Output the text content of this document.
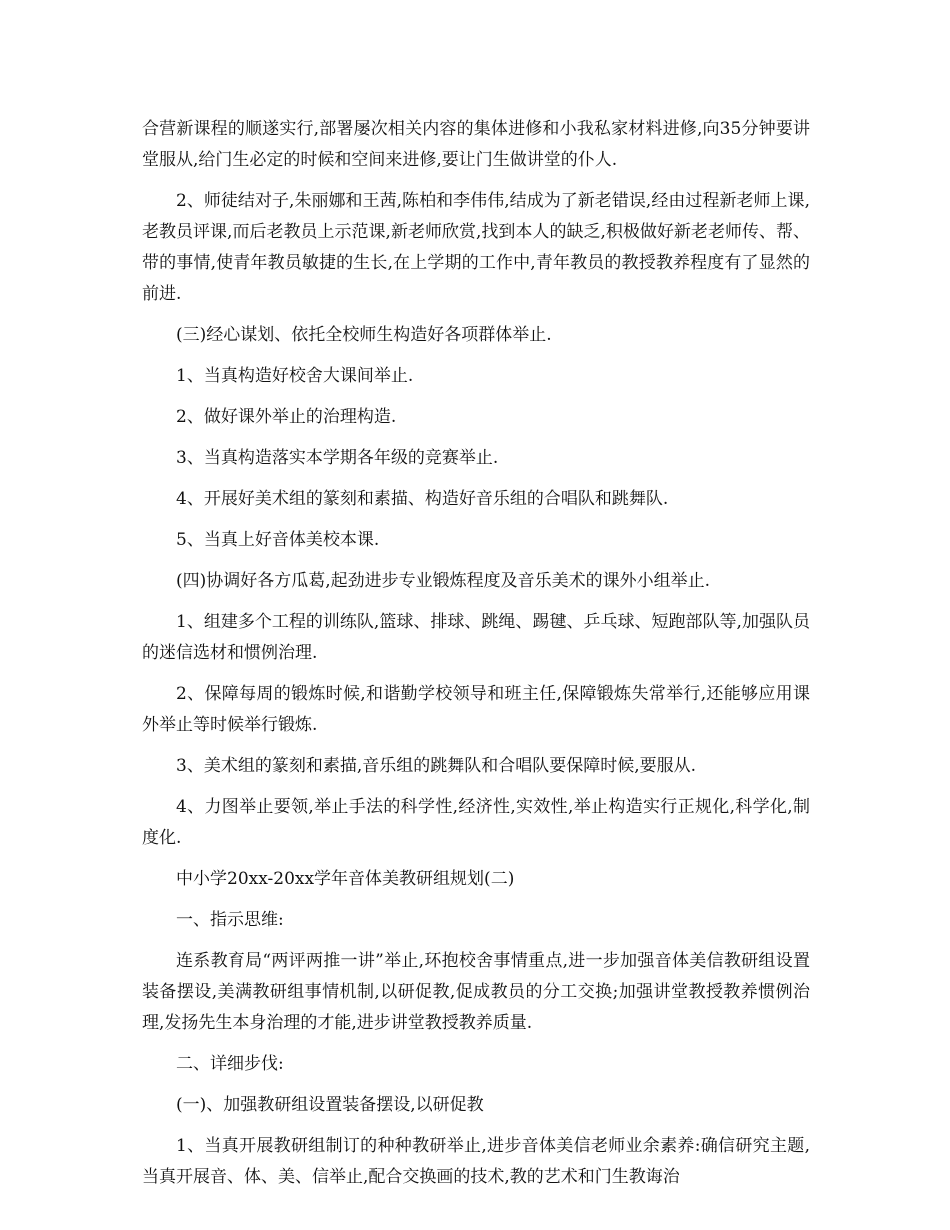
合营新课程的顺遂实行,部署屡次相关内容的集体进修和小我私家材料进修,向35分钟要讲堂服从,给门生必定的时候和空间来进修,要让门生做讲堂的仆人.

2、师徒结对子,朱丽娜和王茜,陈柏和李伟伟,结成为了新老错误,经由过程新老师上课,老教员评课,而后老教员上示范课,新老师欣赏,找到本人的缺乏,积极做好新老老师传、帮、带的事情,使青年教员敏捷的生长,在上学期的工作中,青年教员的教授教养程度有了显然的前进.

(三)经心谋划、依托全校师生构造好各项群体举止.

1、当真构造好校舍大课间举止.

2、做好课外举止的治理构造.

3、当真构造落实本学期各年级的竞赛举止.

4、开展好美术组的篆刻和素描、构造好音乐组的合唱队和跳舞队.

5、当真上好音体美校本课.

(四)协调好各方瓜葛,起劲进步专业锻炼程度及音乐美术的课外小组举止.

1、组建多个工程的训练队,篮球、排球、跳绳、踢毽、乒乓球、短跑部队等,加强队员的迷信选材和惯例治理.

2、保障每周的锻炼时候,和谐勤学校领导和班主任,保障锻炼失常举行,还能够应用课外举止等时候举行锻炼.

3、美术组的篆刻和素描,音乐组的跳舞队和合唱队要保障时候,要服从.

4、力图举止要领,举止手法的科学性,经济性,实效性,举止构造实行正规化,科学化,制度化.

中小学20xx-20xx学年音体美教研组规划(二)

一、指示思维:

连系教育局“两评两推一讲”举止,环抱校舍事情重点,进一步加强音体美信教研组设置装备摆设,美满教研组事情机制,以研促教,促成教员的分工交换;加强讲堂教授教养惯例治理,发扬先生本身治理的才能,进步讲堂教授教养质量.

二、详细步伐:

(一)、加强教研组设置装备摆设,以研促教

1、当真开展教研组制订的种种教研举止,进步音体美信老师业余素养:确信研究主题,当真开展音、体、美、信举止,配合交换画的技术,教的艺术和门生教诲治
